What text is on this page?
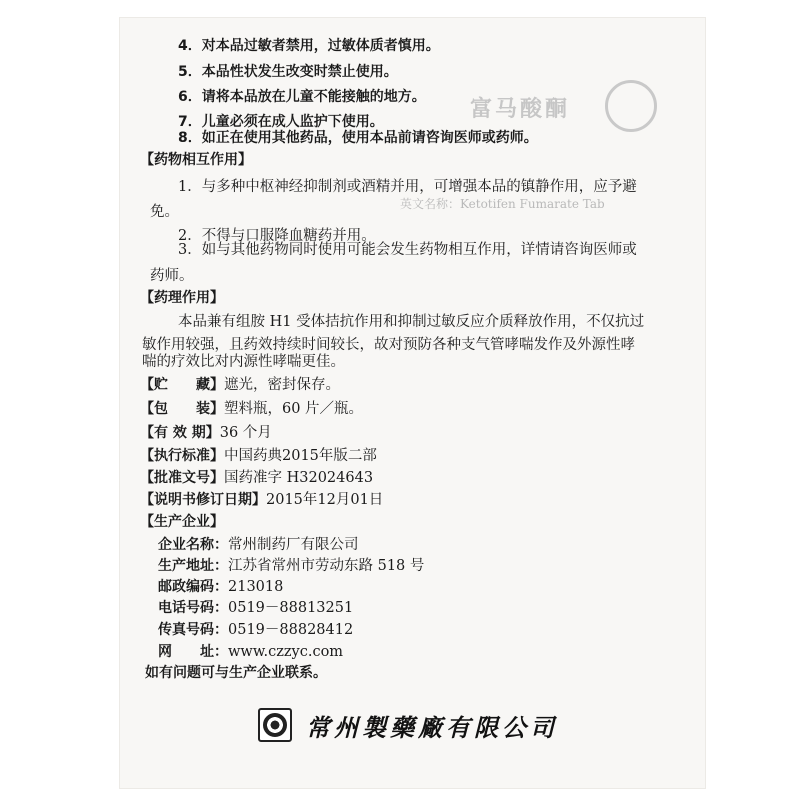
富马酸酮
英文名称：Ketotifen Fumarate Tab
4．对本品过敏者禁用，过敏体质者慎用。
5．本品性状发生改变时禁止使用。
6．请将本品放在儿童不能接触的地方。
7．儿童必须在成人监护下使用。
8．如正在使用其他药品，使用本品前请咨询医师或药师。
【药物相互作用】
1．与多种中枢神经抑制剂或酒精并用，可增强本品的镇静作用，应予避
免。
2．不得与口服降血糖药并用。
3．如与其他药物同时使用可能会发生药物相互作用，详情请咨询医师或
药师。
【药理作用】
本品兼有组胺 H1 受体拮抗作用和抑制过敏反应介质释放作用，不仅抗过
敏作用较强，且药效持续时间较长，故对预防各种支气管哮喘发作及外源性哮
喘的疗效比对内源性哮喘更佳。
【贮　　藏】遮光，密封保存。
【包　　装】塑料瓶，60 片／瓶。
【有 效 期】36 个月
【执行标准】中国药典2015年版二部
【批准文号】国药准字 H32024643
【说明书修订日期】2015年12月01日
【生产企业】
企业名称：常州制药厂有限公司
生产地址：江苏省常州市劳动东路 518 号
邮政编码：213018
电话号码：0519－88813251
传真号码：0519－88828412
网　　址：www.czzyc.com
如有问题可与生产企业联系。
常州製藥廠有限公司
